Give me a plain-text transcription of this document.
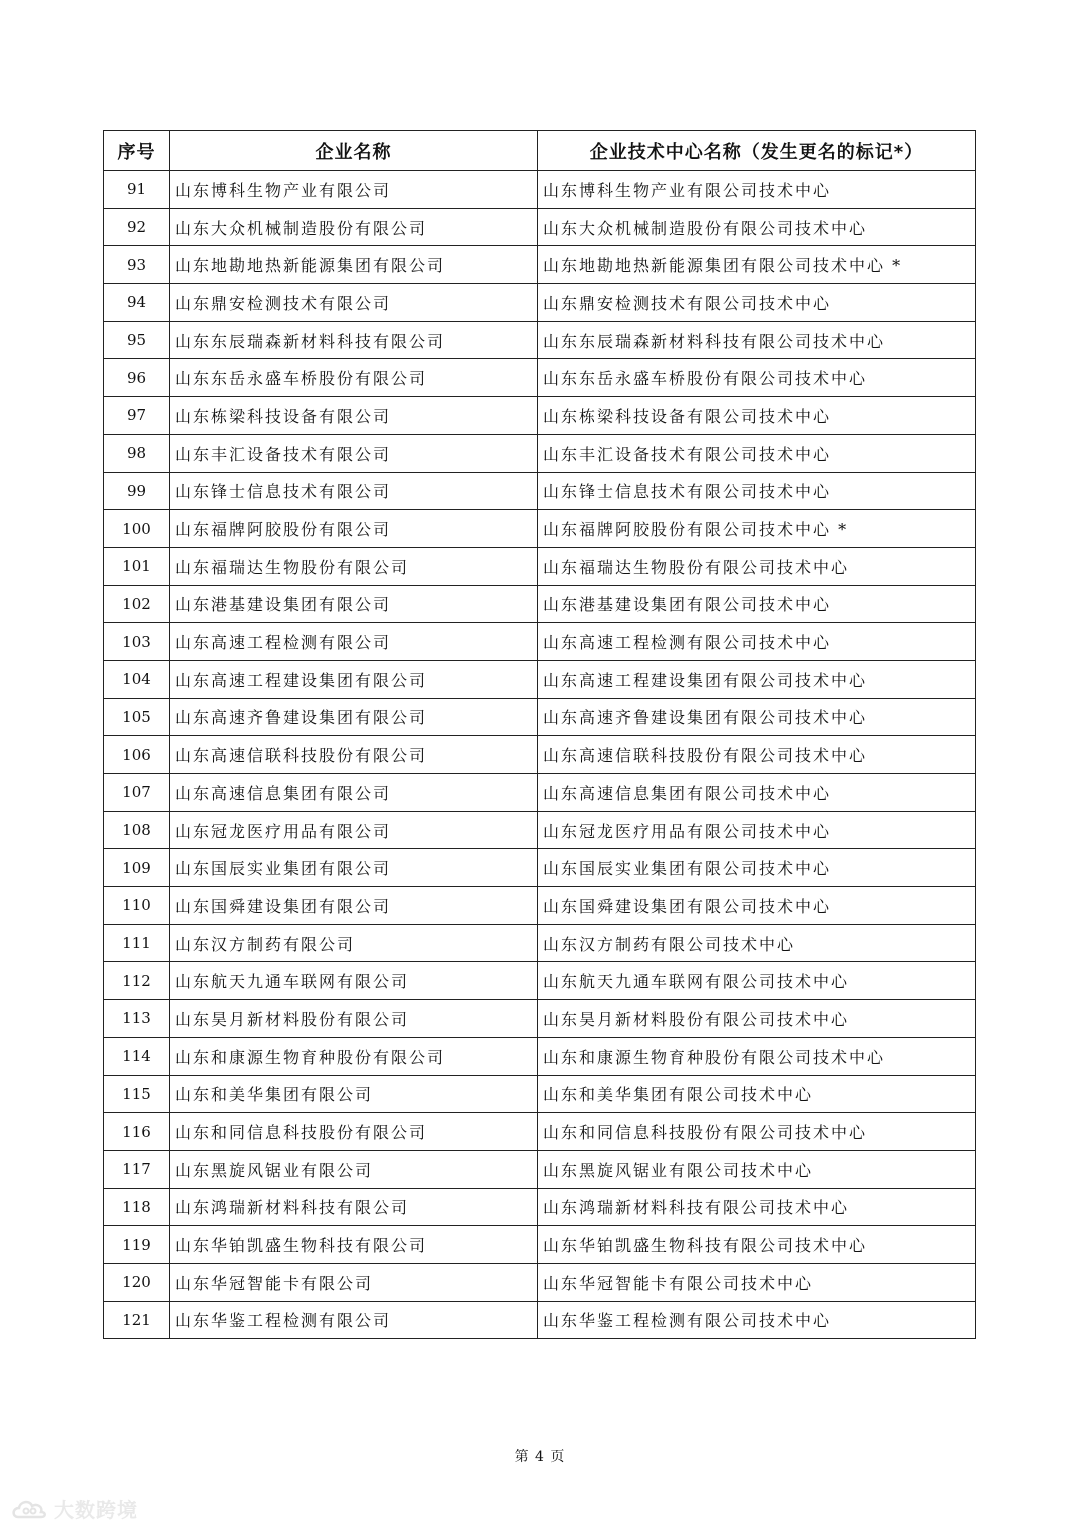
序号	企业名称	企业技术中心名称（发生更名的标记*）
91	山东博科生物产业有限公司	山东博科生物产业有限公司技术中心
92	山东大众机械制造股份有限公司	山东大众机械制造股份有限公司技术中心
93	山东地勘地热新能源集团有限公司	山东地勘地热新能源集团有限公司技术中心 *
94	山东鼎安检测技术有限公司	山东鼎安检测技术有限公司技术中心
95	山东东辰瑞森新材料科技有限公司	山东东辰瑞森新材料科技有限公司技术中心
96	山东东岳永盛车桥股份有限公司	山东东岳永盛车桥股份有限公司技术中心
97	山东栋梁科技设备有限公司	山东栋梁科技设备有限公司技术中心
98	山东丰汇设备技术有限公司	山东丰汇设备技术有限公司技术中心
99	山东锋士信息技术有限公司	山东锋士信息技术有限公司技术中心
100	山东福牌阿胶股份有限公司	山东福牌阿胶股份有限公司技术中心 *
101	山东福瑞达生物股份有限公司	山东福瑞达生物股份有限公司技术中心
102	山东港基建设集团有限公司	山东港基建设集团有限公司技术中心
103	山东高速工程检测有限公司	山东高速工程检测有限公司技术中心
104	山东高速工程建设集团有限公司	山东高速工程建设集团有限公司技术中心
105	山东高速齐鲁建设集团有限公司	山东高速齐鲁建设集团有限公司技术中心
106	山东高速信联科技股份有限公司	山东高速信联科技股份有限公司技术中心
107	山东高速信息集团有限公司	山东高速信息集团有限公司技术中心
108	山东冠龙医疗用品有限公司	山东冠龙医疗用品有限公司技术中心
109	山东国辰实业集团有限公司	山东国辰实业集团有限公司技术中心
110	山东国舜建设集团有限公司	山东国舜建设集团有限公司技术中心
111	山东汉方制药有限公司	山东汉方制药有限公司技术中心
112	山东航天九通车联网有限公司	山东航天九通车联网有限公司技术中心
113	山东昊月新材料股份有限公司	山东昊月新材料股份有限公司技术中心
114	山东和康源生物育种股份有限公司	山东和康源生物育种股份有限公司技术中心
115	山东和美华集团有限公司	山东和美华集团有限公司技术中心
116	山东和同信息科技股份有限公司	山东和同信息科技股份有限公司技术中心
117	山东黑旋风锯业有限公司	山东黑旋风锯业有限公司技术中心
118	山东鸿瑞新材料科技有限公司	山东鸿瑞新材料科技有限公司技术中心
119	山东华铂凯盛生物科技有限公司	山东华铂凯盛生物科技有限公司技术中心
120	山东华冠智能卡有限公司	山东华冠智能卡有限公司技术中心
121	山东华鉴工程检测有限公司	山东华鉴工程检测有限公司技术中心
第 4 页
大数跨境
